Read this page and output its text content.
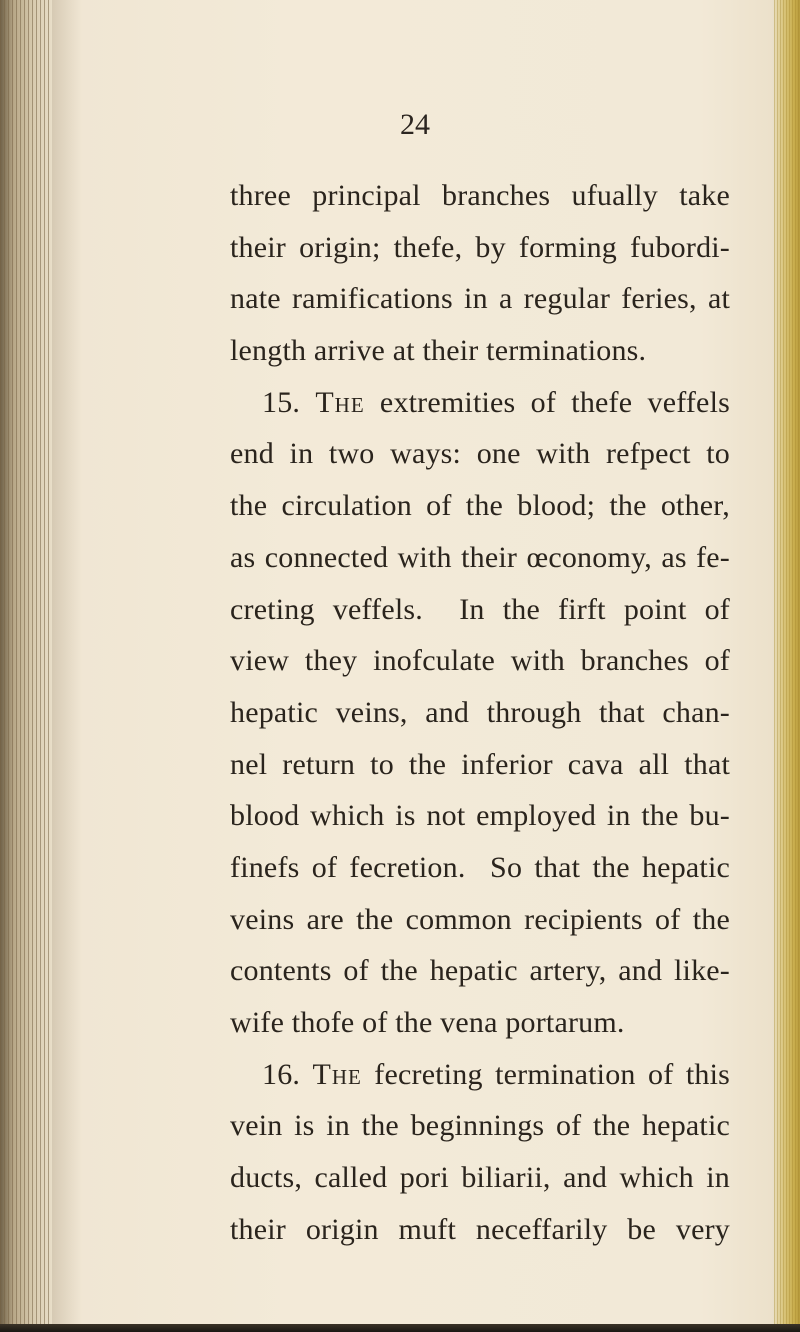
24
three principal branches ufually take
their origin; thefe, by forming fubordi-
nate ramifications in a regular feries, at
length arrive at their terminations.
15. The extremities of thefe veffels
end in two ways: one with refpect to
the circulation of the blood; the other,
as connected with their œconomy, as fe-
creting veffels.  In the firft point of
view they inofculate with branches of
hepatic veins, and through that chan-
nel return to the inferior cava all that
blood which is not employed in the bu-
finefs of fecretion.  So that the hepatic
veins are the common recipients of the
contents of the hepatic artery, and like-
wife thofe of the vena portarum.
16. The fecreting termination of this
vein is in the beginnings of the hepatic
ducts, called pori biliarii, and which in
their origin muft neceffarily be very
